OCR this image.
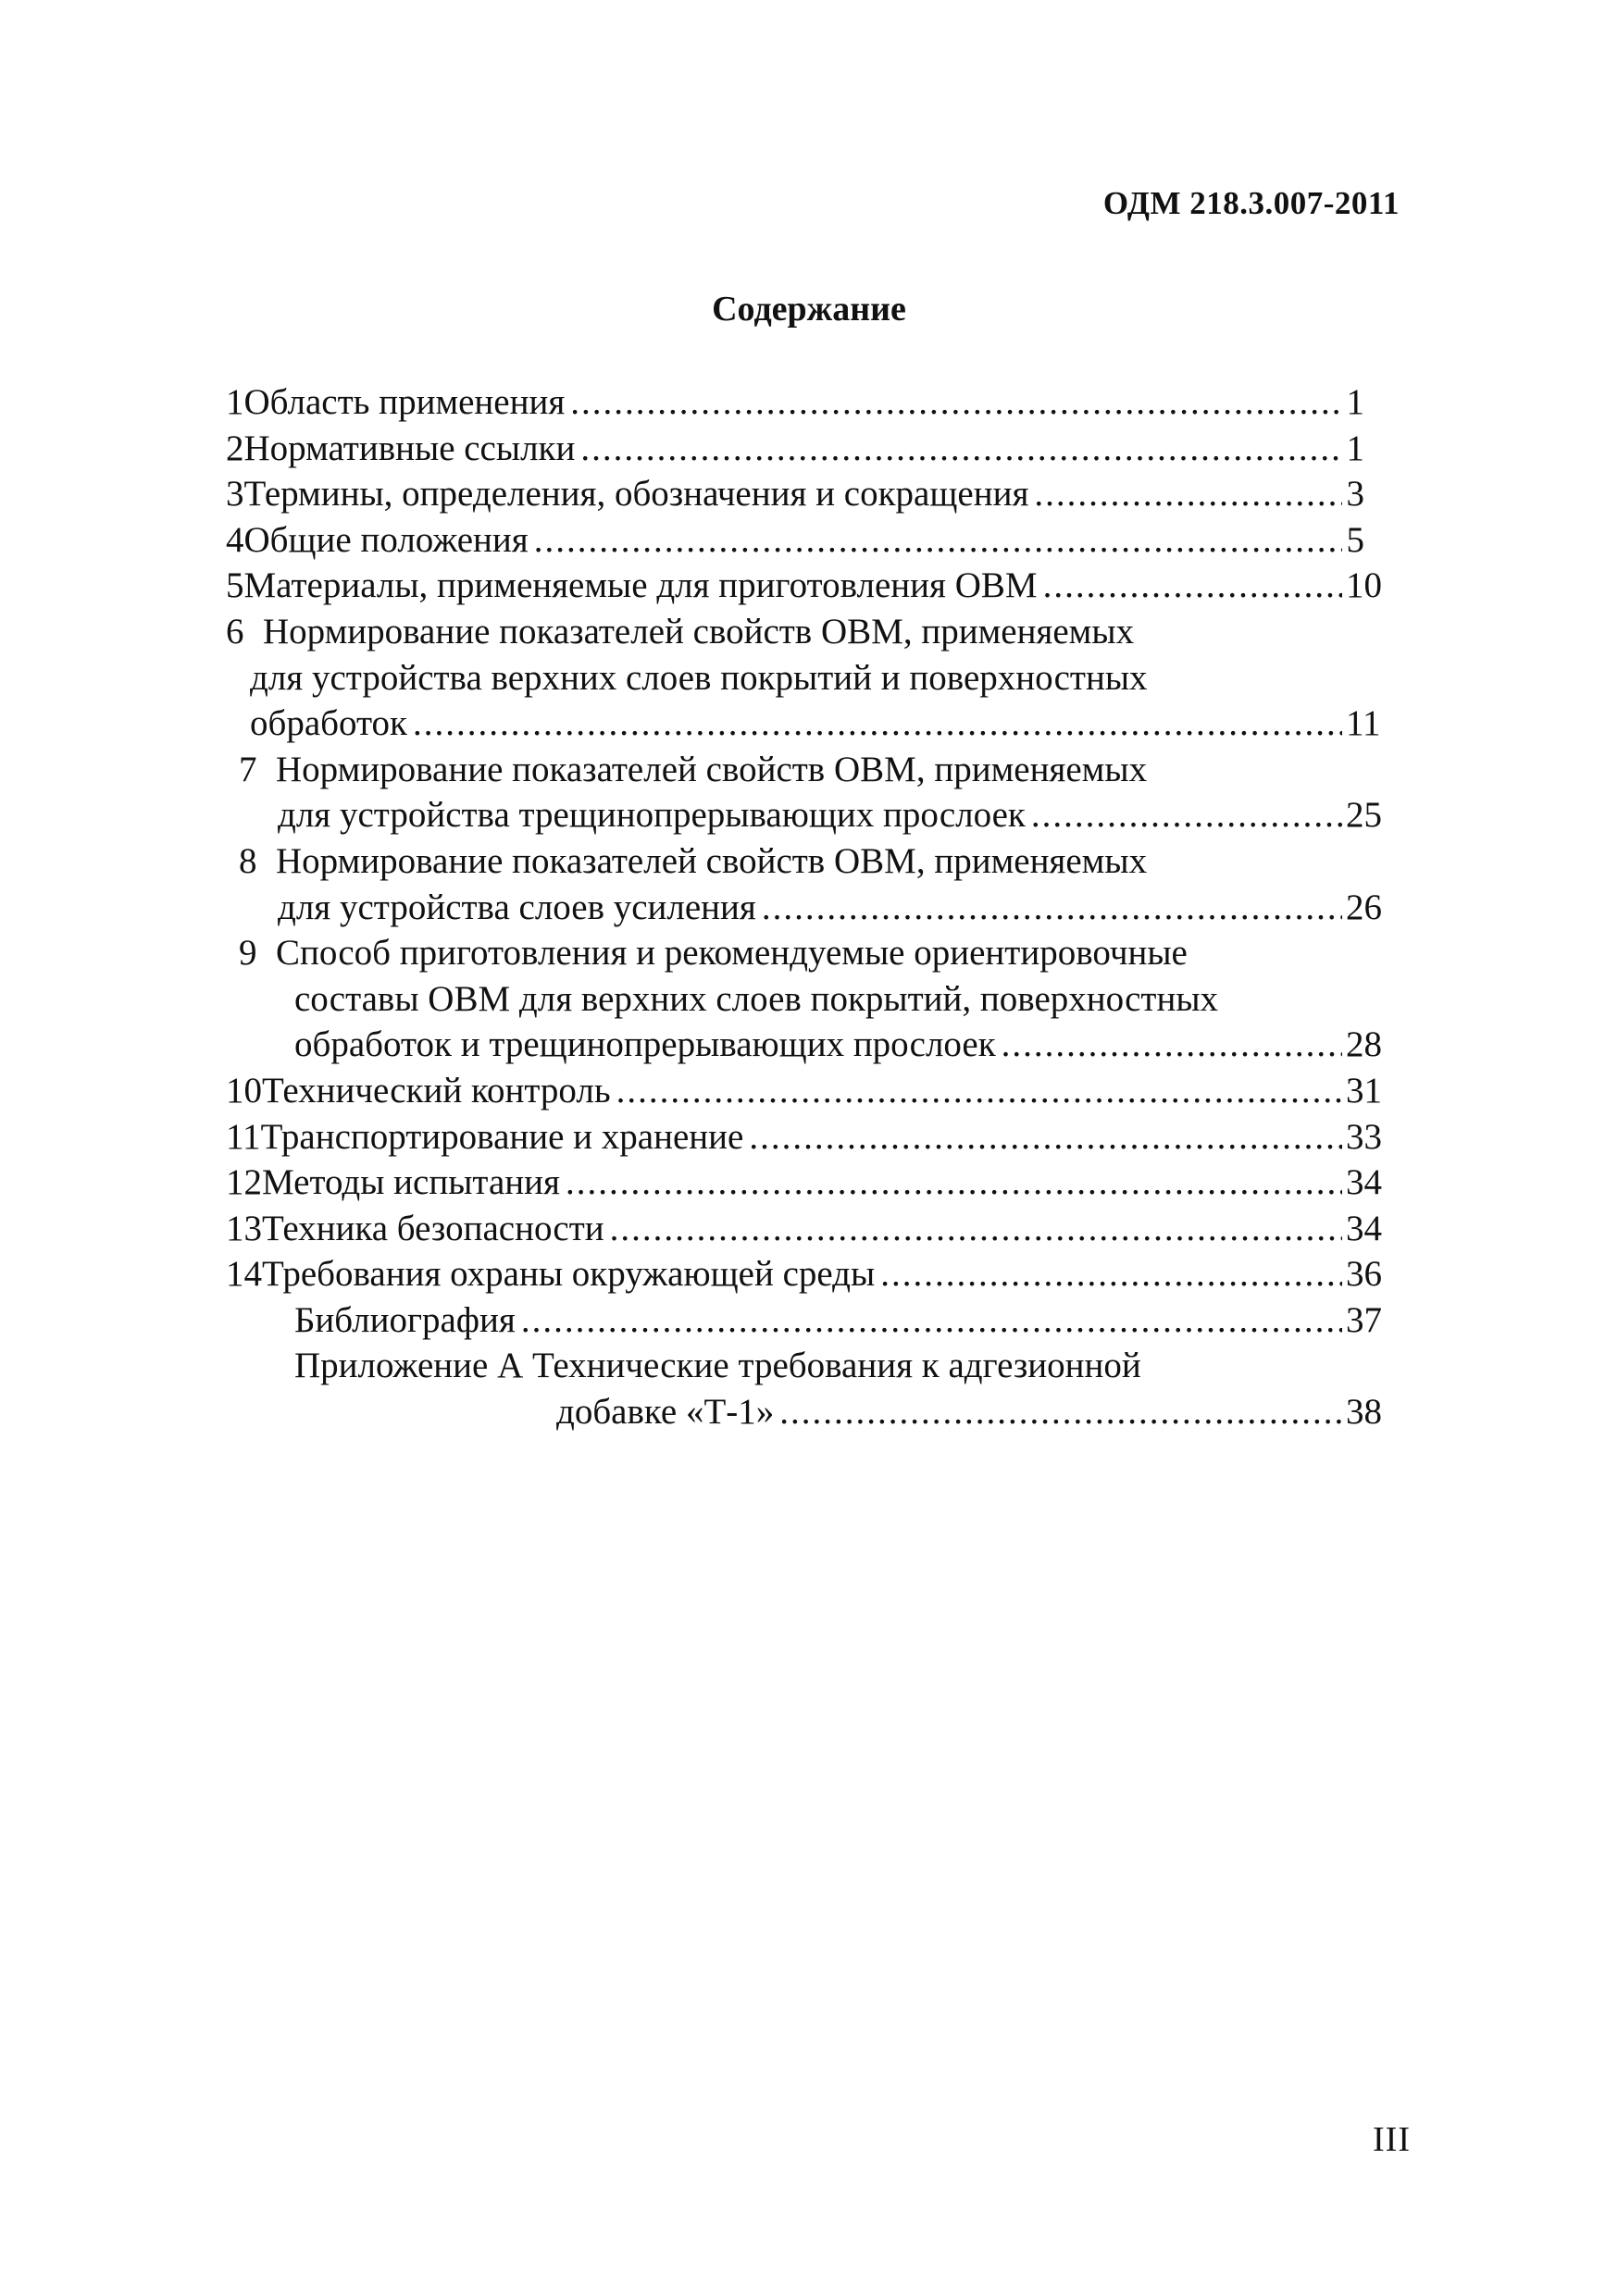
ОДМ 218.3.007-2011
Содержание
1 Область применения .....	1
2 Нормативные ссылки .....	1
3 Термины, определения, обозначения и сокращения .....	3
4 Общие положения .....	5
5 Материалы, применяемые для приготовления ОВМ .....	10
6 Нормирование показателей свойств ОВМ, применяемых
для устройства верхних слоев покрытий и поверхностных
обработок .....	11
7 Нормирование показателей свойств ОВМ, применяемых
для устройства трещинопрерывающих прослоек .....	25
8 Нормирование показателей свойств ОВМ, применяемых
для устройства слоев усиления .....	26
9 Способ приготовления и рекомендуемые ориентировочные
составы ОВМ для верхних слоев покрытий, поверхностных
обработок и трещинопрерывающих прослоек .....	28
10 Технический контроль .....	31
11 Транспортирование и хранение .....	33
12 Методы испытания .....	34
13 Техника безопасности .....	34
14 Требования охраны окружающей среды .....	36
Библиография .....	37
Приложение А Технические требования к адгезионной
добавке «Т-1» .....	38
III
